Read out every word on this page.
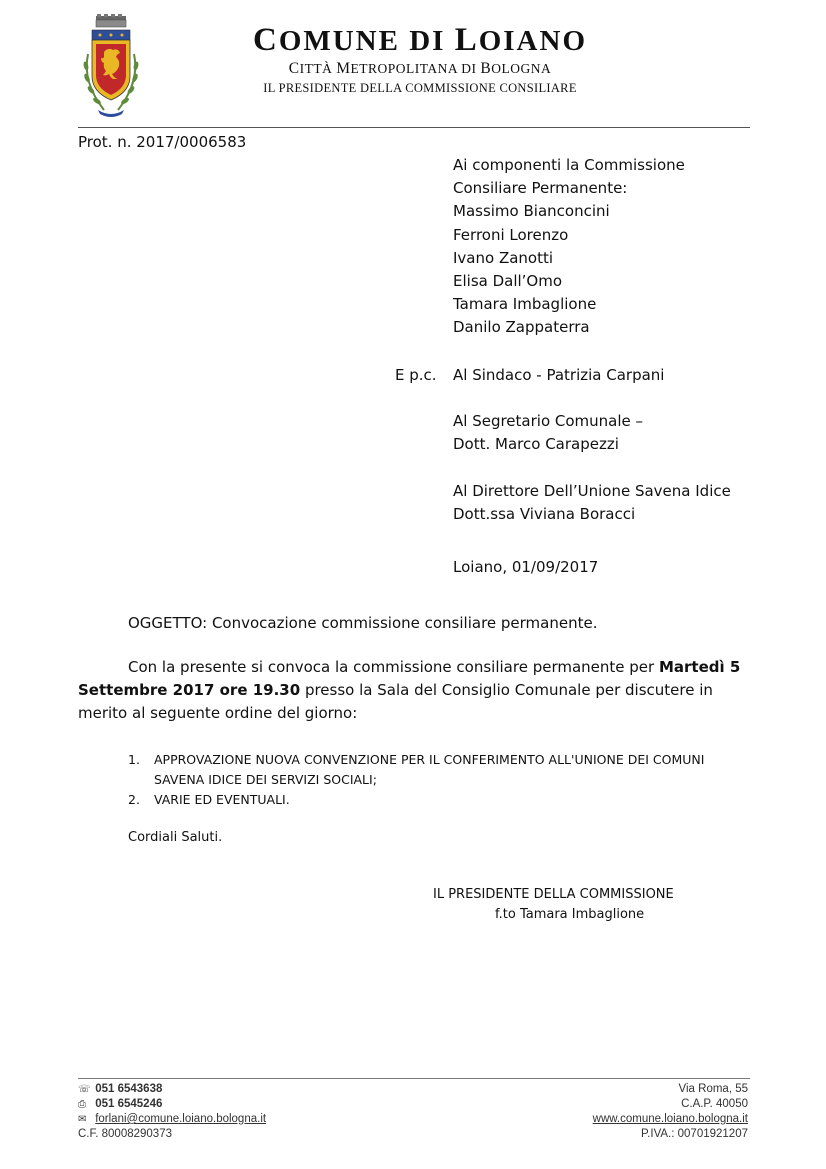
COMUNE DI LOIANO
CITTÀ METROPOLITANA DI BOLOGNA
IL PRESIDENTE DELLA COMMISSIONE CONSILIARE
Prot. n. 2017/0006583
Ai componenti la Commissione
Consiliare Permanente:
Massimo Bianconcini
Ferroni Lorenzo
Ivano Zanotti
Elisa Dall’Omo
Tamara Imbaglione
Danilo Zappaterra
E p.c. Al Sindaco - Patrizia Carpani
Al Segretario Comunale –
Dott. Marco Carapezzi
Al Direttore Dell’Unione Savena Idice
Dott.ssa Viviana Boracci
Loiano, 01/09/2017
OGGETTO: Convocazione commissione consiliare permanente.
Con la presente si convoca la commissione consiliare permanente per Martedì 5
Settembre 2017 ore 19.30 presso la Sala del Consiglio Comunale per discutere in
merito al seguente ordine del giorno:
1.	APPROVAZIONE NUOVA CONVENZIONE PER IL CONFERIMENTO ALL'UNIONE DEI COMUNI SAVENA IDICE DEI SERVIZI SOCIALI;
2.	VARIE ED EVENTUALI.
Cordiali Saluti.
IL PRESIDENTE DELLA COMMISSIONE
f.to Tamara Imbaglione
☏ 051 6543638
⎙ 051 6545246
✉ forlani@comune.loiano.bologna.it
C.F. 80008290373
Via Roma, 55
C.A.P. 40050
www.comune.loiano.bologna.it
P.IVA.: 00701921207
